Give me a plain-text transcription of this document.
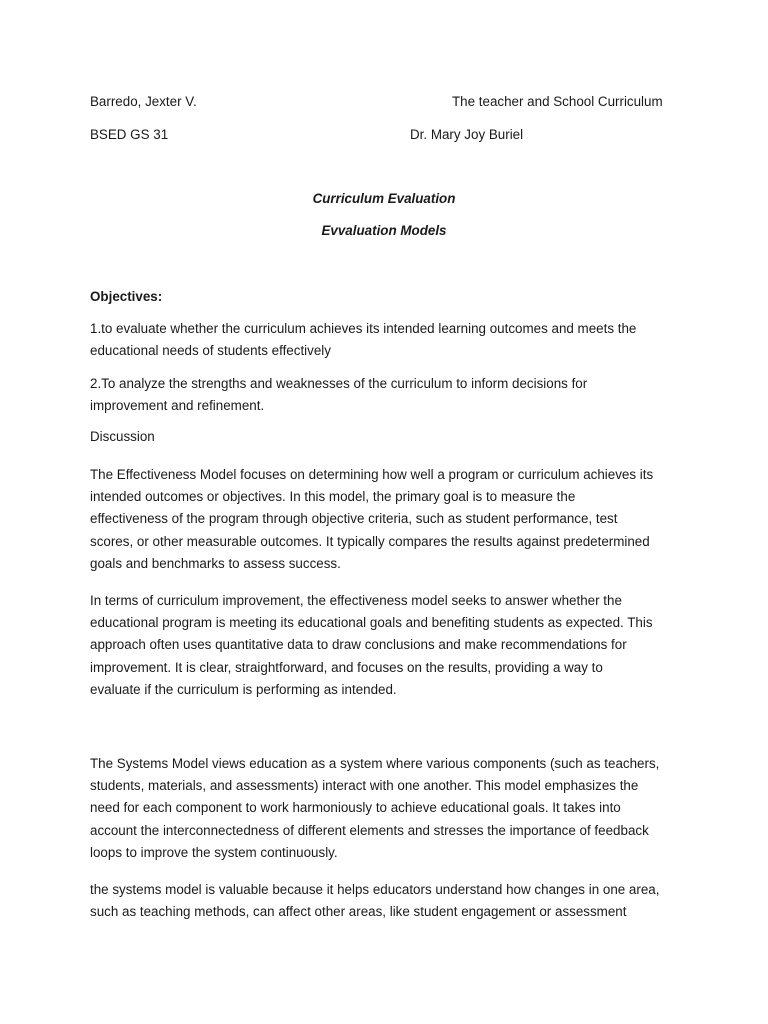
Barredo, Jexter V.	The teacher and School Curriculum
BSED GS 31	Dr. Mary Joy Buriel
Curriculum Evaluation
Evvaluation Models
Objectives:
1.to evaluate whether the curriculum achieves its intended learning outcomes and meets the
educational needs of students effectively
2.To analyze the strengths and weaknesses of the curriculum to inform decisions for
improvement and refinement.
Discussion
The Effectiveness Model focuses on determining how well a program or curriculum achieves its
intended outcomes or objectives. In this model, the primary goal is to measure the
effectiveness of the program through objective criteria, such as student performance, test
scores, or other measurable outcomes. It typically compares the results against predetermined
goals and benchmarks to assess success.
In terms of curriculum improvement, the effectiveness model seeks to answer whether the
educational program is meeting its educational goals and benefiting students as expected. This
approach often uses quantitative data to draw conclusions and make recommendations for
improvement. It is clear, straightforward, and focuses on the results, providing a way to
evaluate if the curriculum is performing as intended.
The Systems Model views education as a system where various components (such as teachers,
students, materials, and assessments) interact with one another. This model emphasizes the
need for each component to work harmoniously to achieve educational goals. It takes into
account the interconnectedness of different elements and stresses the importance of feedback
loops to improve the system continuously.
the systems model is valuable because it helps educators understand how changes in one area,
such as teaching methods, can affect other areas, like student engagement or assessment
